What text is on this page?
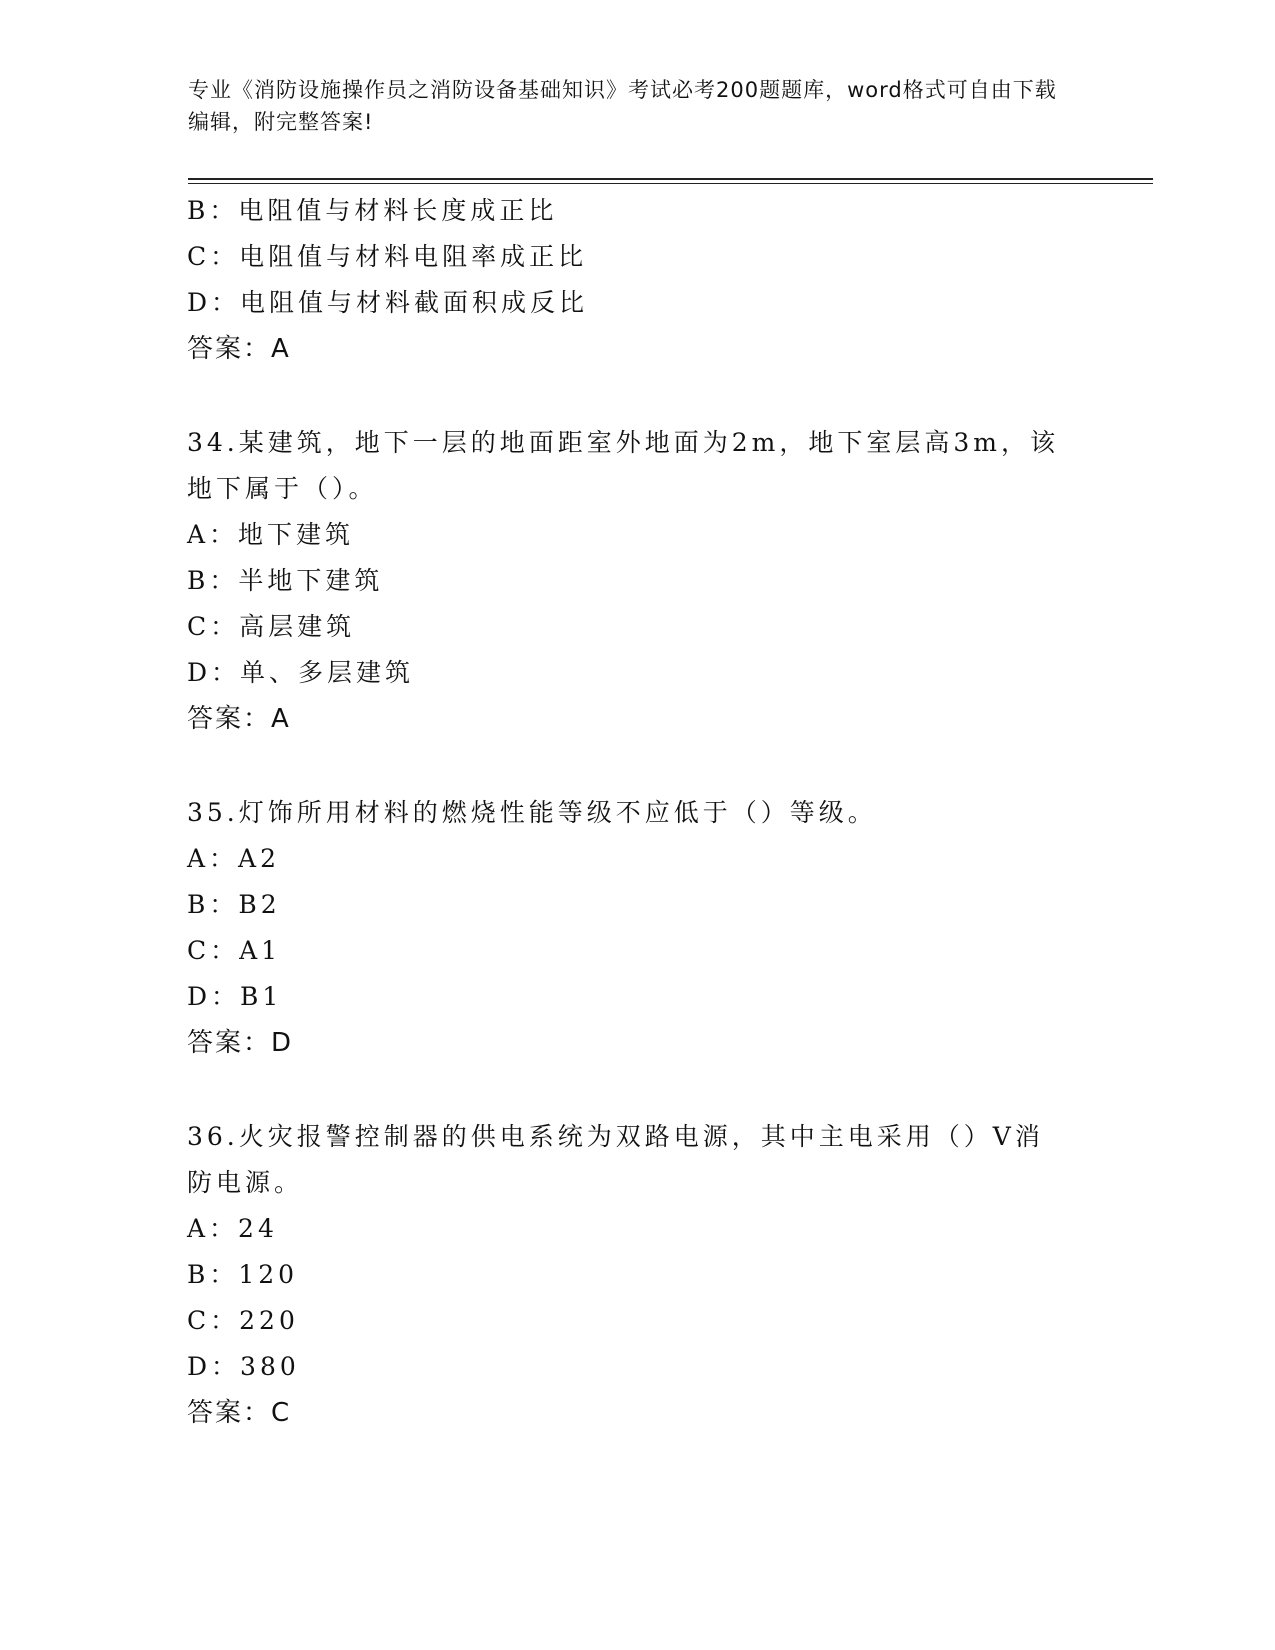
专业《消防设施操作员之消防设备基础知识》考试必考200题题库，word格式可自由下载编辑，附完整答案!
B：电阻值与材料长度成正比
C：电阻值与材料电阻率成正比
D：电阻值与材料截面积成反比
答案：A
34.某建筑，地下一层的地面距室外地面为2m，地下室层高3m，该地下属于（）。
A：地下建筑
B：半地下建筑
C：高层建筑
D：单、多层建筑
答案：A
35.灯饰所用材料的燃烧性能等级不应低于（）等级。
A：A2
B：B2
C：A1
D：B1
答案：D
36.火灾报警控制器的供电系统为双路电源，其中主电采用（）V消防电源。
A：24
B：120
C：220
D：380
答案：C
